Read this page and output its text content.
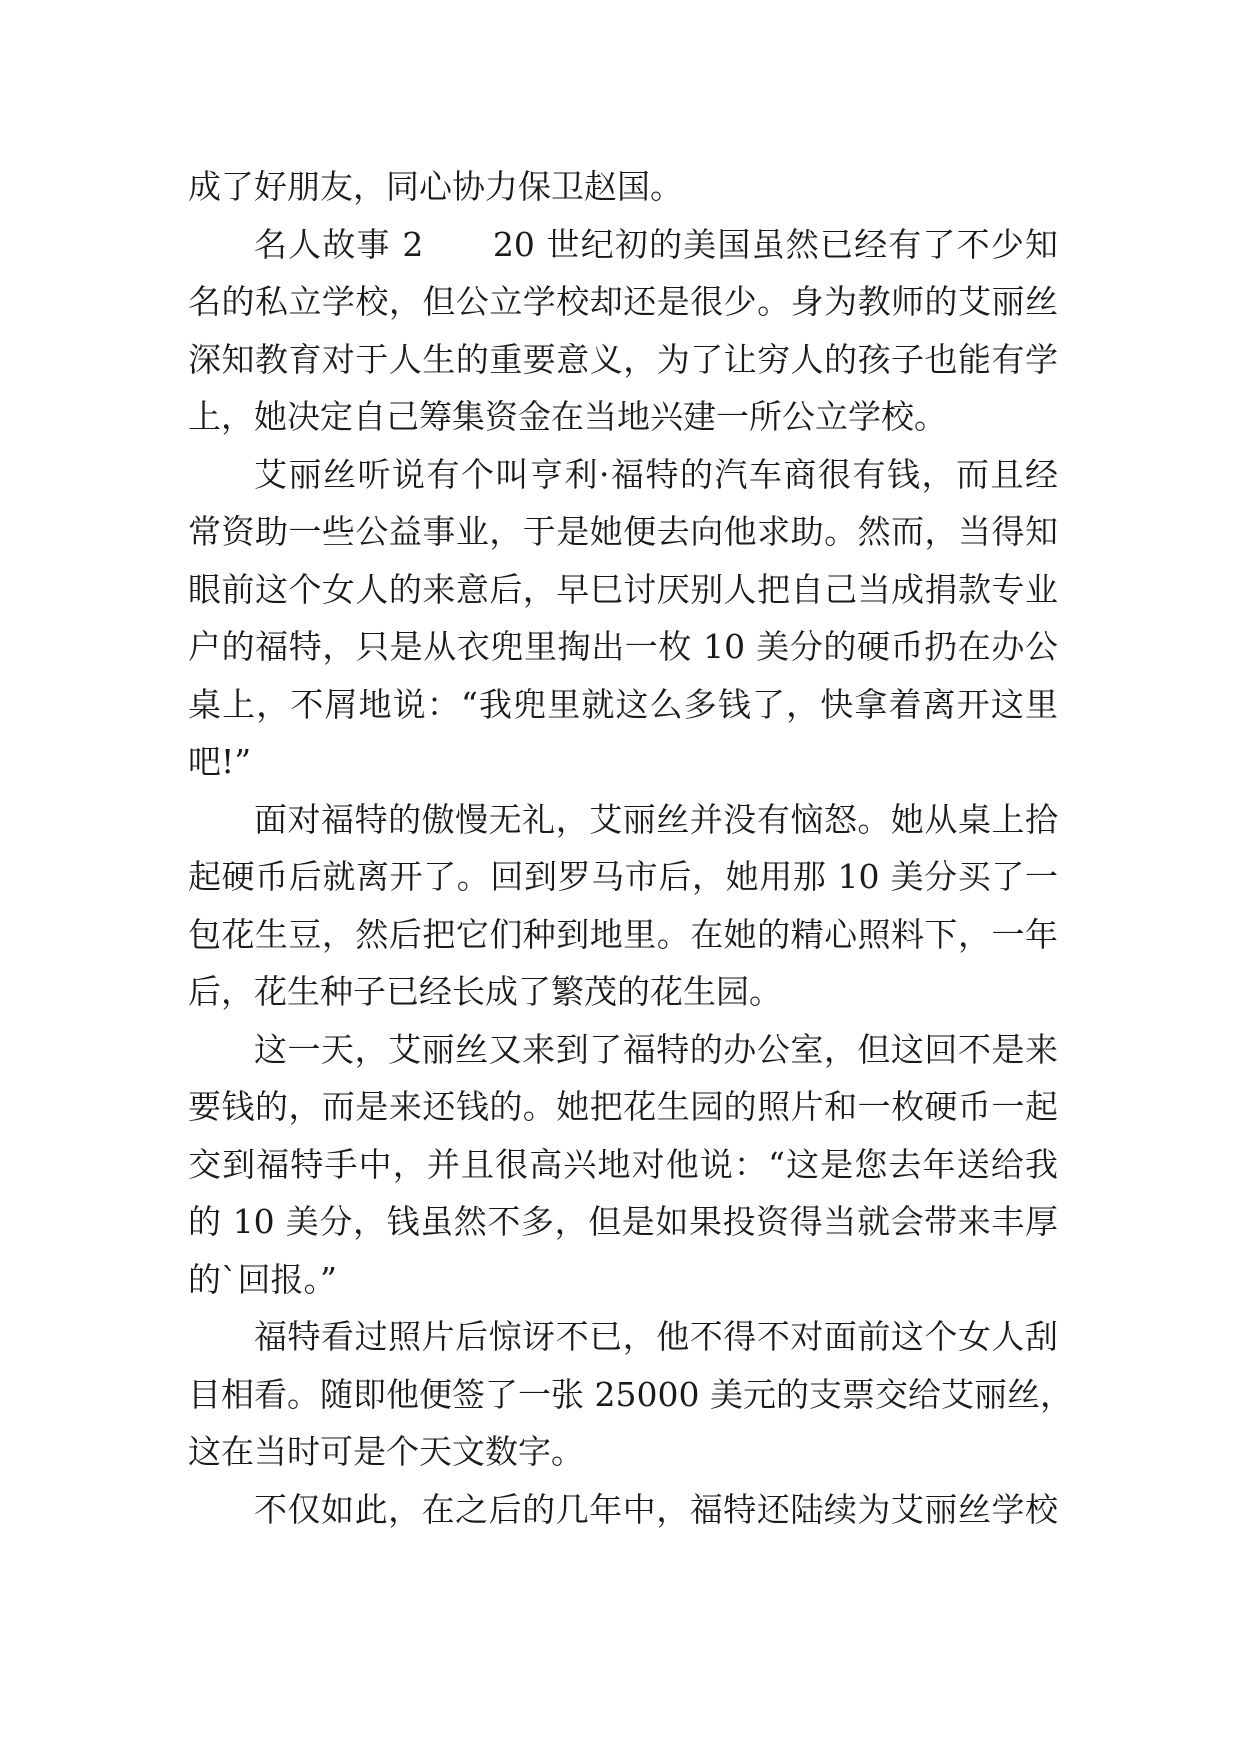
成了好朋友，同心协力保卫赵国。
名人故事 2　　20 世纪初的美国虽然已经有了不少知
名的私立学校，但公立学校却还是很少。身为教师的艾丽丝
深知教育对于人生的重要意义，为了让穷人的孩子也能有学
上，她决定自己筹集资金在当地兴建一所公立学校。
艾丽丝听说有个叫亨利·福特的汽车商很有钱，而且经
常资助一些公益事业，于是她便去向他求助。然而，当得知
眼前这个女人的来意后，早巳讨厌别人把自己当成捐款专业
户的福特，只是从衣兜里掏出一枚 10 美分的硬币扔在办公
桌上，不屑地说：“我兜里就这么多钱了，快拿着离开这里
吧!”
面对福特的傲慢无礼，艾丽丝并没有恼怒。她从桌上拾
起硬币后就离开了。回到罗马市后，她用那 10 美分买了一
包花生豆，然后把它们种到地里。在她的精心照料下，一年
后，花生种子已经长成了繁茂的花生园。
这一天，艾丽丝又来到了福特的办公室，但这回不是来
要钱的，而是来还钱的。她把花生园的照片和一枚硬币一起
交到福特手中，并且很高兴地对他说：“这是您去年送给我
的 10 美分，钱虽然不多，但是如果投资得当就会带来丰厚
的`回报。”
福特看过照片后惊讶不已，他不得不对面前这个女人刮
目相看。随即他便签了一张 25000 美元的支票交给艾丽丝，
这在当时可是个天文数字。
不仅如此，在之后的几年中，福特还陆续为艾丽丝学校
